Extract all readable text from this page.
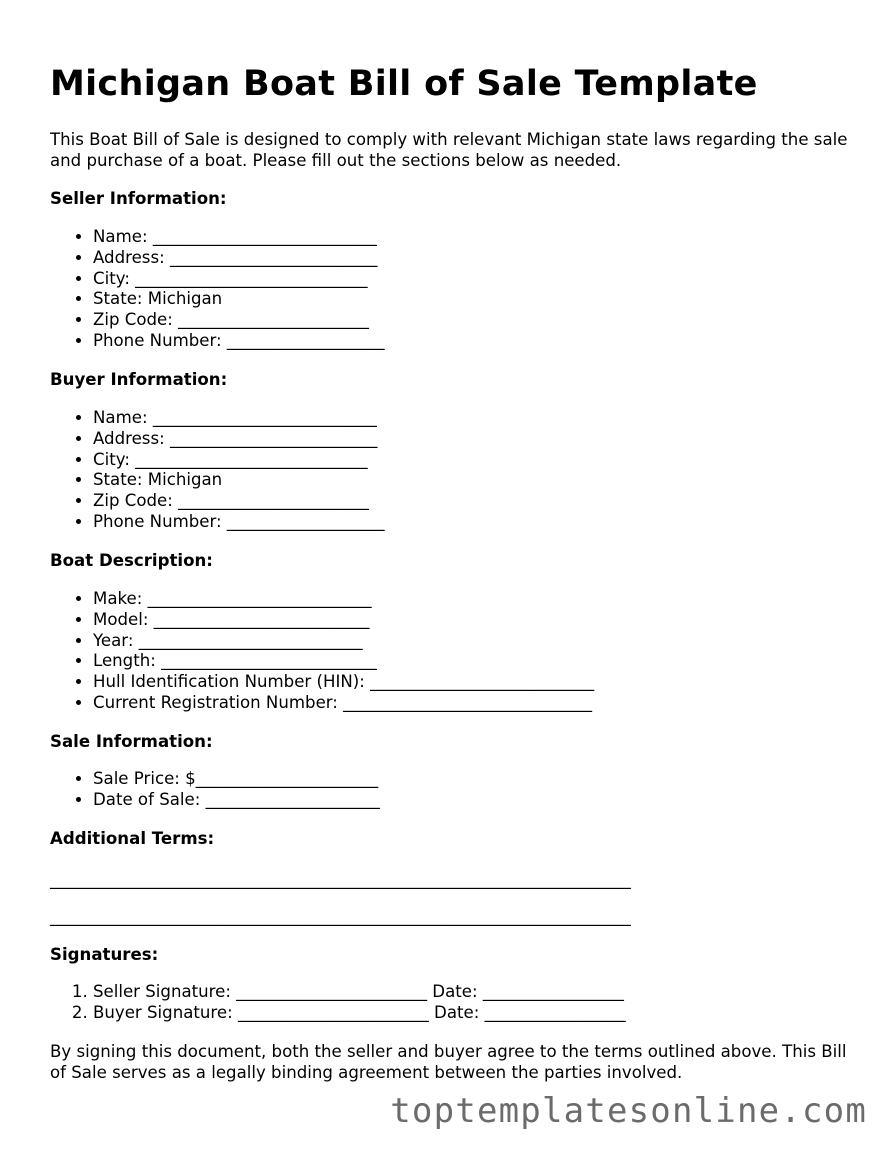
Michigan Boat Bill of Sale Template

This Boat Bill of Sale is designed to comply with relevant Michigan state laws regarding the sale and purchase of a boat. Please fill out the sections below as needed.

Seller Information:

• Name: ___________________________
• Address: _________________________
• City: ____________________________
• State: Michigan
• Zip Code: _______________________
• Phone Number: ___________________

Buyer Information:

• Name: ___________________________
• Address: _________________________
• City: ____________________________
• State: Michigan
• Zip Code: _______________________
• Phone Number: ___________________

Boat Description:

• Make: ___________________________
• Model: __________________________
• Year: ___________________________
• Length: __________________________
• Hull Identification Number (HIN): ___________________________
• Current Registration Number: ______________________________

Sale Information:

• Sale Price: $______________________
• Date of Sale: _____________________

Additional Terms:

______________________________________________________________________

______________________________________________________________________

Signatures:

1. Seller Signature: _______________________ Date: _________________
2. Buyer Signature: _______________________ Date: _________________

By signing this document, both the seller and buyer agree to the terms outlined above. This Bill of Sale serves as a legally binding agreement between the parties involved.

toptemplatesonline.com
